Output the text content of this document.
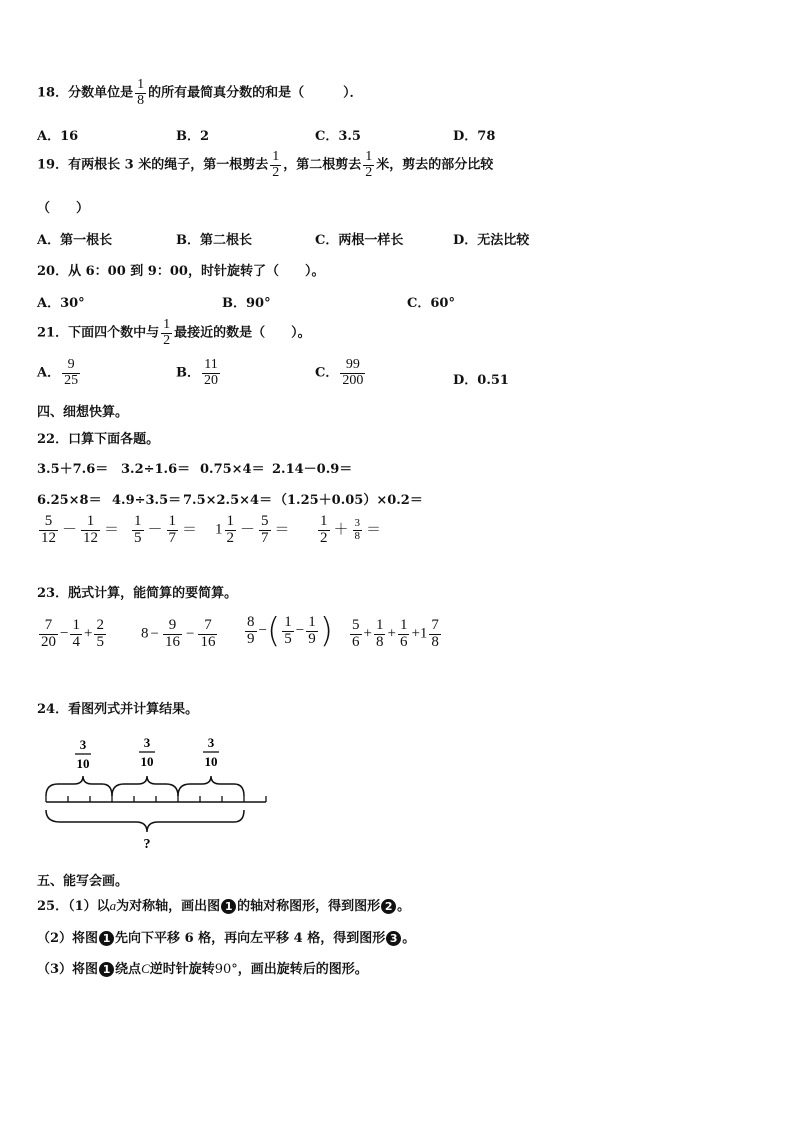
18．分数单位是 $\frac{1}{8}$ 的所有最简真分数的和是（　　　）．
A．16	B．2	C．3.5	D．78
19．有两根长 3 米的绳子，第一根剪去 $\frac{1}{2}$ ，第二根剪去 $\frac{1}{2}$ 米，剪去的部分比较
（　　）
A．第一根长	B．第二根长	C．两根一样长	D．无法比较
20．从 6：00 到 9：00，时针旋转了（　　）。
A．30°	B．90°	C．60°
21．下面四个数中与 $\frac{1}{2}$ 最接近的数是（　　）。
A． $\frac{9}{25}$	B． $\frac{11}{20}$	C． $\frac{99}{200}$	D．0.51
四、细想快算。
22．口算下面各题。
3.5＋7.6＝ 3.2÷1.6＝ 0.75×4＝ 2.14－0.9＝
6.25×8＝ 4.9÷3.5＝ 7.5×2.5×4＝ （1.25＋0.05）×0.2＝
$\frac{5}{12} - \frac{1}{12} = \frac{1}{5} - \frac{1}{7} = 1 \frac{1}{2} - \frac{5}{7} = \frac{1}{2} + \frac{3}{8}$ ＝
23．脱式计算，能简算的要简算。
$\frac{7}{20} - \frac{1}{4} + \frac{2}{5} 8 - \frac{9}{16} - \frac{7}{16} \frac{8}{9}$ −( $\frac{1}{5} - \frac{1}{9}$ ) $\frac{5}{6} + \frac{1}{8} + \frac{1}{6} +1 \frac{7}{8}$
24．看图列式并计算结果。
3
10
3
10
3
10
?
五、能写会画。
25．（1）以a为对称轴，画出图 1 的轴对称图形，得到图形 2 。
（2）将图 1 先向下平移 6 格，再向左平移 4 格，得到图形 3 。
（3）将图 1 绕点C逆时针旋转90°，画出旋转后的图形。
